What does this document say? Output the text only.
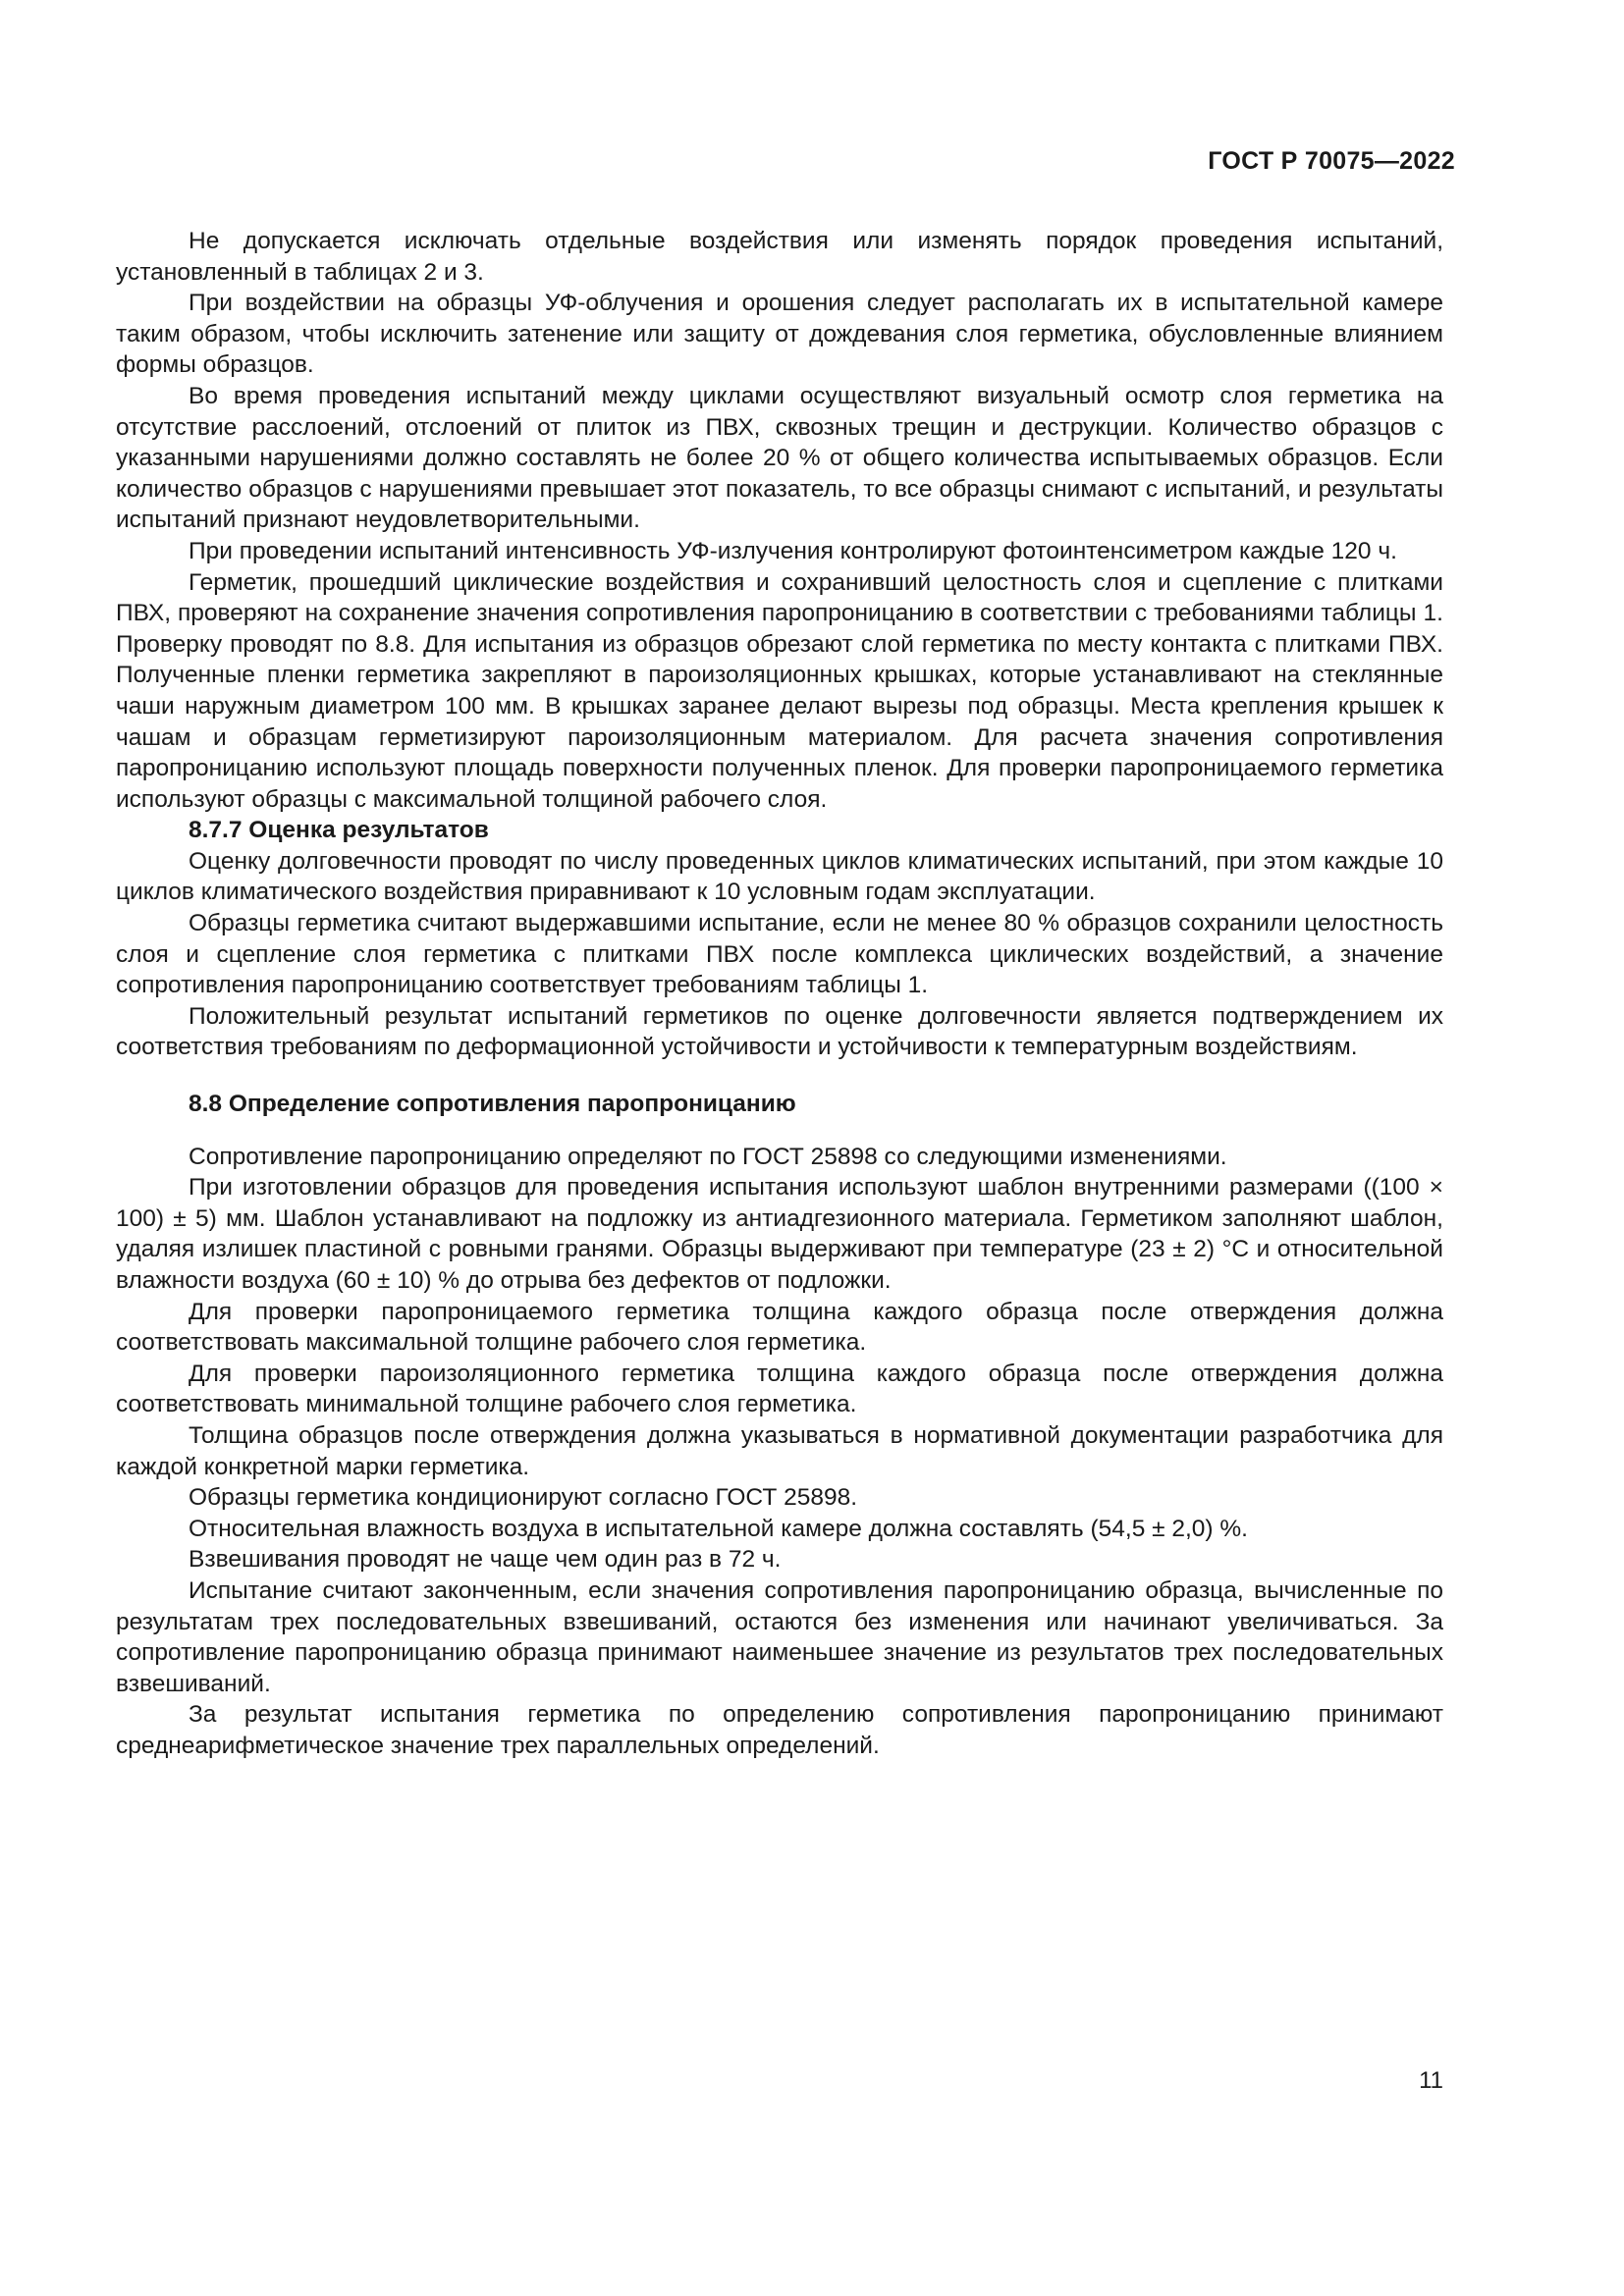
ГОСТ Р 70075—2022

Не допускается исключать отдельные воздействия или изменять порядок проведения испытаний, установленный в таблицах 2 и 3.

При воздействии на образцы УФ-облучения и орошения следует располагать их в испытательной камере таким образом, чтобы исключить затенение или защиту от дождевания слоя герметика, обусловленные влиянием формы образцов.

Во время проведения испытаний между циклами осуществляют визуальный осмотр слоя герметика на отсутствие расслоений, отслоений от плиток из ПВХ, сквозных трещин и деструкции. Количество образцов с указанными нарушениями должно составлять не более 20 % от общего количества испытываемых образцов. Если количество образцов с нарушениями превышает этот показатель, то все образцы снимают с испытаний, и результаты испытаний признают неудовлетворительными.

При проведении испытаний интенсивность УФ-излучения контролируют фотоинтенсиметром каждые 120 ч.

Герметик, прошедший циклические воздействия и сохранивший целостность слоя и сцепление с плитками ПВХ, проверяют на сохранение значения сопротивления паропроницанию в соответствии с требованиями таблицы 1. Проверку проводят по 8.8. Для испытания из образцов обрезают слой герметика по месту контакта с плитками ПВХ. Полученные пленки герметика закрепляют в пароизоляционных крышках, которые устанавливают на стеклянные чаши наружным диаметром 100 мм. В крышках заранее делают вырезы под образцы. Места крепления крышек к чашам и образцам герметизируют пароизоляционным материалом. Для расчета значения сопротивления паропроницанию используют площадь поверхности полученных пленок. Для проверки паропроницаемого герметика используют образцы с максимальной толщиной рабочего слоя.

8.7.7 Оценка результатов

Оценку долговечности проводят по числу проведенных циклов климатических испытаний, при этом каждые 10 циклов климатического воздействия приравнивают к 10 условным годам эксплуатации.

Образцы герметика считают выдержавшими испытание, если не менее 80 % образцов сохранили целостность слоя и сцепление слоя герметика с плитками ПВХ после комплекса циклических воздействий, а значение сопротивления паропроницанию соответствует требованиям таблицы 1.

Положительный результат испытаний герметиков по оценке долговечности является подтверждением их соответствия требованиям по деформационной устойчивости и устойчивости к температурным воздействиям.

8.8 Определение сопротивления паропроницанию

Сопротивление паропроницанию определяют по ГОСТ 25898 со следующими изменениями.

При изготовлении образцов для проведения испытания используют шаблон внутренними размерами ((100 × 100) ± 5) мм. Шаблон устанавливают на подложку из антиадгезионного материала. Герметиком заполняют шаблон, удаляя излишек пластиной с ровными гранями. Образцы выдерживают при температуре (23 ± 2) °С и относительной влажности воздуха (60 ± 10) % до отрыва без дефектов от подложки.

Для проверки паропроницаемого герметика толщина каждого образца после отверждения должна соответствовать максимальной толщине рабочего слоя герметика.

Для проверки пароизоляционного герметика толщина каждого образца после отверждения должна соответствовать минимальной толщине рабочего слоя герметика.

Толщина образцов после отверждения должна указываться в нормативной документации разработчика для каждой конкретной марки герметика.

Образцы герметика кондиционируют согласно ГОСТ 25898.

Относительная влажность воздуха в испытательной камере должна составлять (54,5 ± 2,0) %.

Взвешивания проводят не чаще чем один раз в 72 ч.

Испытание считают законченным, если значения сопротивления паропроницанию образца, вычисленные по результатам трех последовательных взвешиваний, остаются без изменения или начинают увеличиваться. За сопротивление паропроницанию образца принимают наименьшее значение из результатов трех последовательных взвешиваний.

За результат испытания герметика по определению сопротивления паропроницанию принимают среднеарифметическое значение трех параллельных определений.

11
